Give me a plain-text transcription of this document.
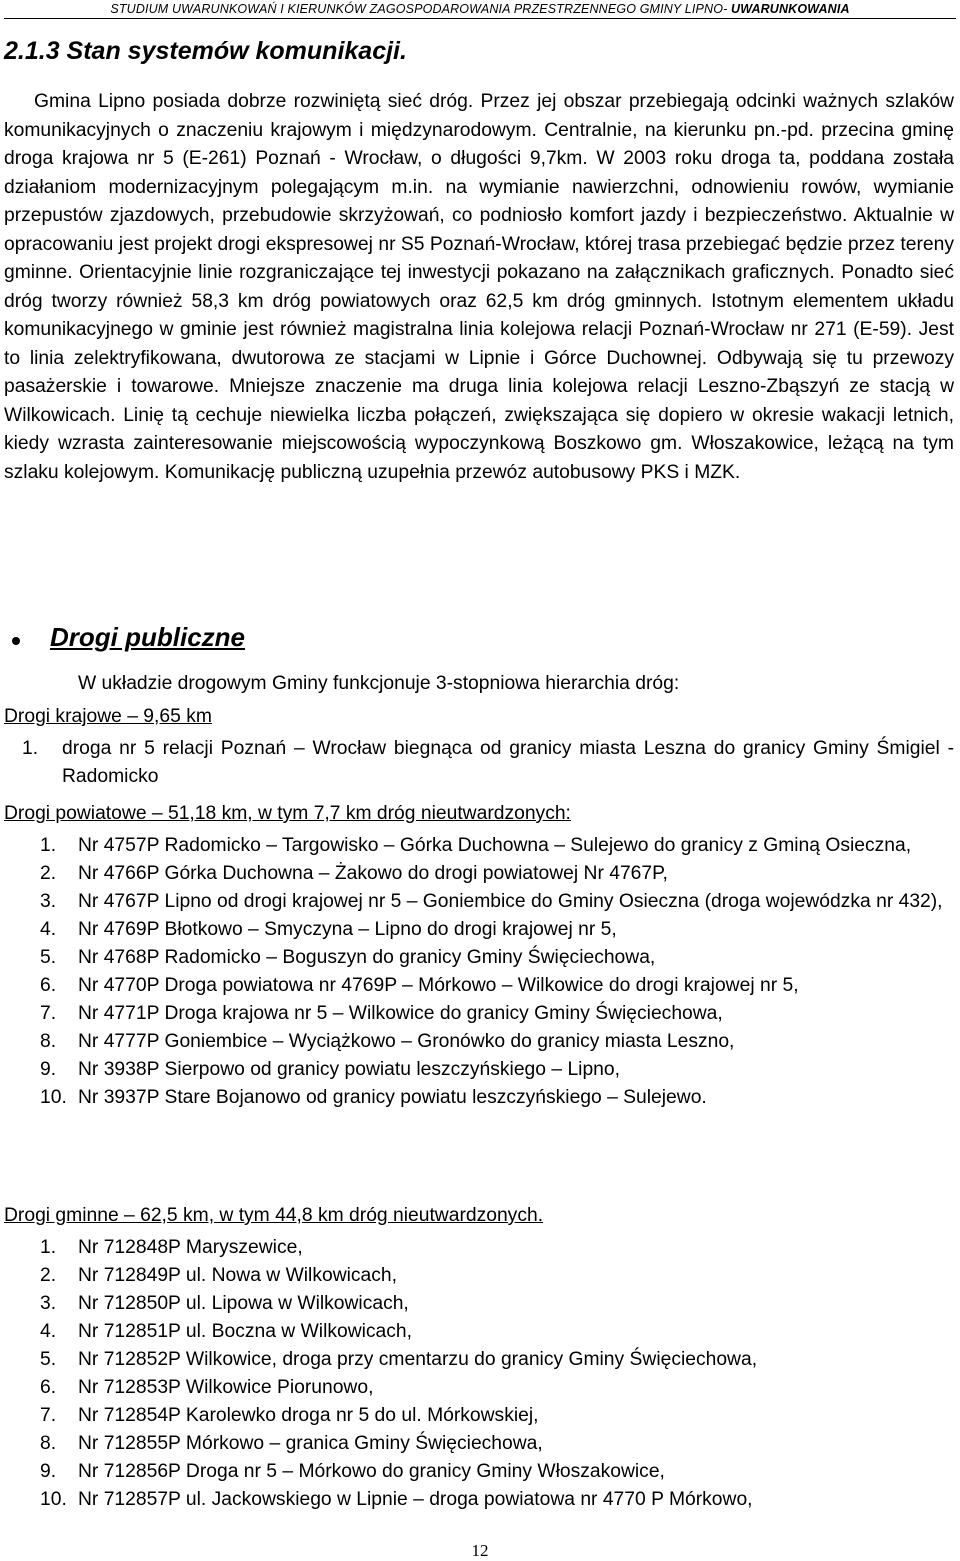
STUDIUM UWARUNKOWAŃ I KIERUNKÓW ZAGOSPODAROWANIA PRZESTRZENNEGO GMINY LIPNO- UWARUNKOWANIA
2.1.3 Stan systemów komunikacji.

Gmina Lipno posiada dobrze rozwiniętą sieć dróg. Przez jej obszar przebiegają odcinki ważnych szlaków komunikacyjnych o znaczeniu krajowym i międzynarodowym. Centralnie, na kierunku pn.-pd. przecina gminę droga krajowa nr 5 (E-261) Poznań - Wrocław, o długości 9,7km. W 2003 roku droga ta, poddana została działaniom modernizacyjnym polegającym m.in. na wymianie nawierzchni, odnowieniu rowów, wymianie przepustów zjazdowych, przebudowie skrzyżowań, co podniosło komfort jazdy i bezpieczeństwo. Aktualnie w opracowaniu jest projekt drogi ekspresowej nr S5 Poznań-Wrocław, której trasa przebiegać będzie przez tereny gminne. Orientacyjnie linie rozgraniczające tej inwestycji pokazano na załącznikach graficznych. Ponadto sieć dróg tworzy również 58,3 km dróg powiatowych oraz 62,5 km dróg gminnych. Istotnym elementem układu komunikacyjnego w gminie jest również magistralna linia kolejowa relacji Poznań-Wrocław nr 271 (E-59). Jest to linia zelektryfikowana, dwutorowa ze stacjami w Lipnie i Górce Duchownej. Odbywają się tu przewozy pasażerskie i towarowe. Mniejsze znaczenie ma druga linia kolejowa relacji Leszno-Zbąszyń ze stacją w Wilkowicach. Linię tą cechuje niewielka liczba połączeń, zwiększająca się dopiero w okresie wakacji letnich, kiedy wzrasta zainteresowanie miejscowością wypoczynkową Boszkowo gm. Włoszakowice, leżącą na tym szlaku kolejowym. Komunikację publiczną uzupełnia przewóz autobusowy PKS i MZK.

Drogi publiczne
W układzie drogowym Gminy funkcjonuje 3-stopniowa hierarchia dróg:
Drogi krajowe – 9,65 km
1. droga nr 5 relacji Poznań – Wrocław biegnąca od granicy miasta Leszna do granicy Gminy Śmigiel - Radomicko
Drogi powiatowe – 51,18 km, w tym 7,7 km dróg nieutwardzonych:
1. Nr 4757P Radomicko – Targowisko – Górka Duchowna – Sulejewo do granicy z Gminą Osieczna,
2. Nr 4766P Górka Duchowna – Żakowo do drogi powiatowej Nr 4767P,
3. Nr 4767P Lipno od drogi krajowej nr 5 – Goniembice do Gminy Osieczna (droga wojewódzka nr 432),
4. Nr 4769P Błotkowo – Smyczyna – Lipno do drogi krajowej nr 5,
5. Nr 4768P Radomicko – Boguszyn do granicy Gminy Święciechowa,
6. Nr 4770P Droga powiatowa nr 4769P – Mórkowo – Wilkowice do drogi krajowej nr 5,
7. Nr 4771P Droga krajowa nr 5 – Wilkowice do granicy Gminy Święciechowa,
8. Nr 4777P Goniembice – Wyciążkowo – Gronówko do granicy miasta Leszno,
9. Nr 3938P Sierpowo od granicy powiatu leszczyńskiego – Lipno,
10. Nr 3937P Stare Bojanowo od granicy powiatu leszczyńskiego – Sulejewo.
Drogi gminne – 62,5 km, w tym 44,8 km dróg nieutwardzonych.
1. Nr 712848P Maryszewice,
2. Nr 712849P ul. Nowa w Wilkowicach,
3. Nr 712850P ul. Lipowa w Wilkowicach,
4. Nr 712851P ul. Boczna w Wilkowicach,
5. Nr 712852P Wilkowice, droga przy cmentarzu do granicy Gminy Święciechowa,
6. Nr 712853P Wilkowice Piorunowo,
7. Nr 712854P Karolewko droga nr 5 do ul. Mórkowskiej,
8. Nr 712855P Mórkowo – granica Gminy Święciechowa,
9. Nr 712856P Droga nr 5 – Mórkowo do granicy Gminy Włoszakowice,
10. Nr 712857P ul. Jackowskiego w Lipnie – droga powiatowa nr 4770 P Mórkowo,
12
